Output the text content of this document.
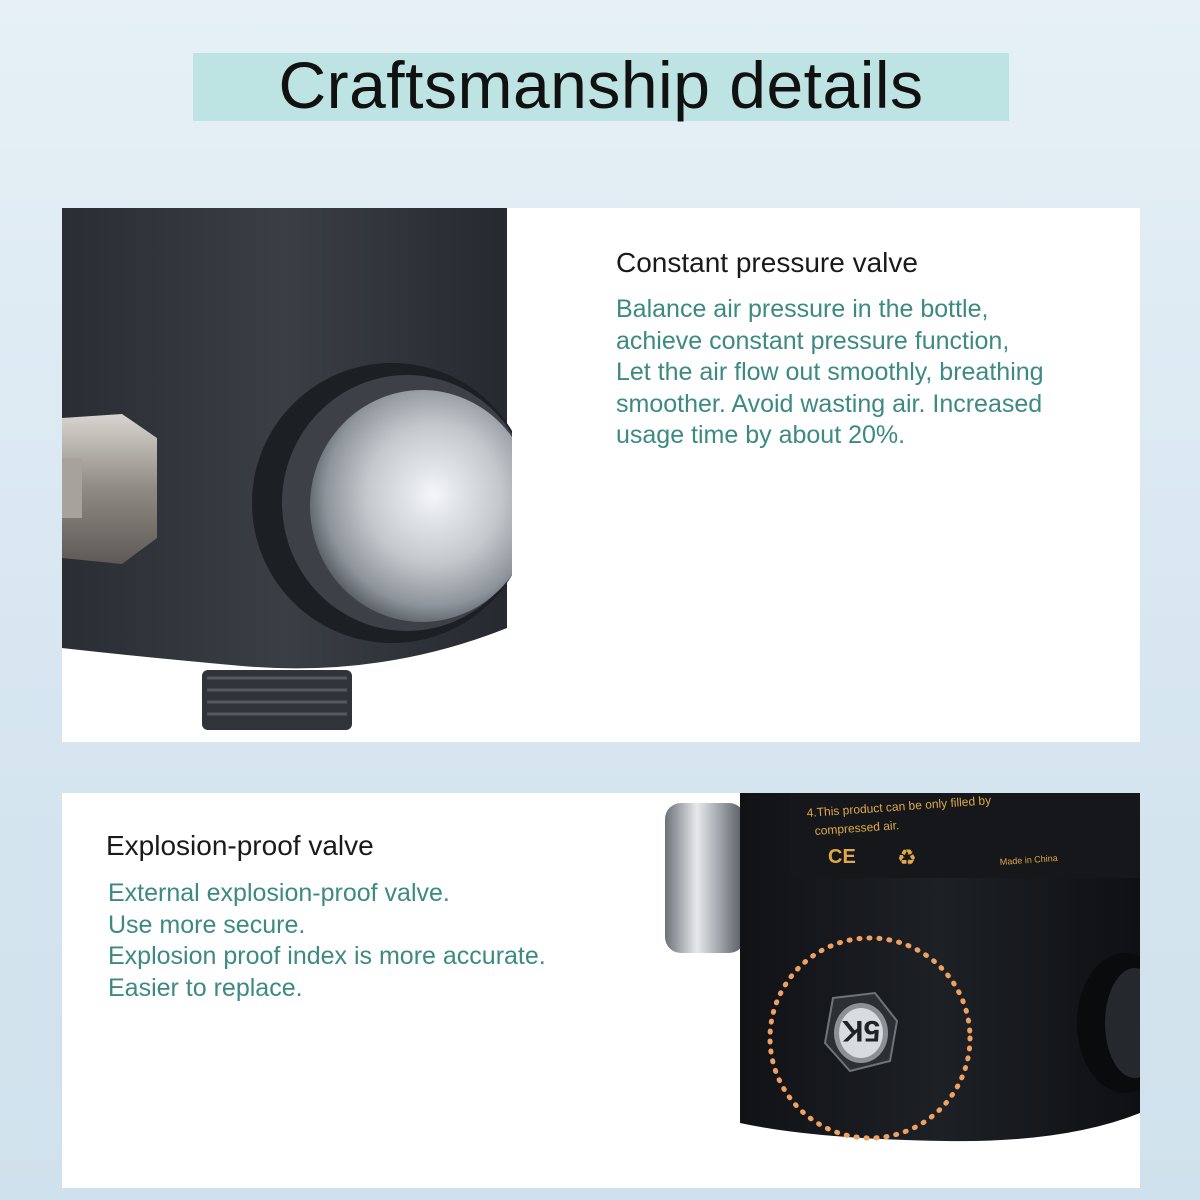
Craftsmanship details
Constant pressure valve
Balance air pressure in the bottle,
achieve constant pressure function,
Let the air flow out smoothly, breathing
smoother. Avoid wasting air. Increased
usage time by about 20%.
Explosion-proof valve
External explosion-proof valve.
Use more secure.
Explosion proof index is more accurate.
Easier to replace.
4.This product can be only filled by
compressed air.
CE ♻	Made in China
5K
